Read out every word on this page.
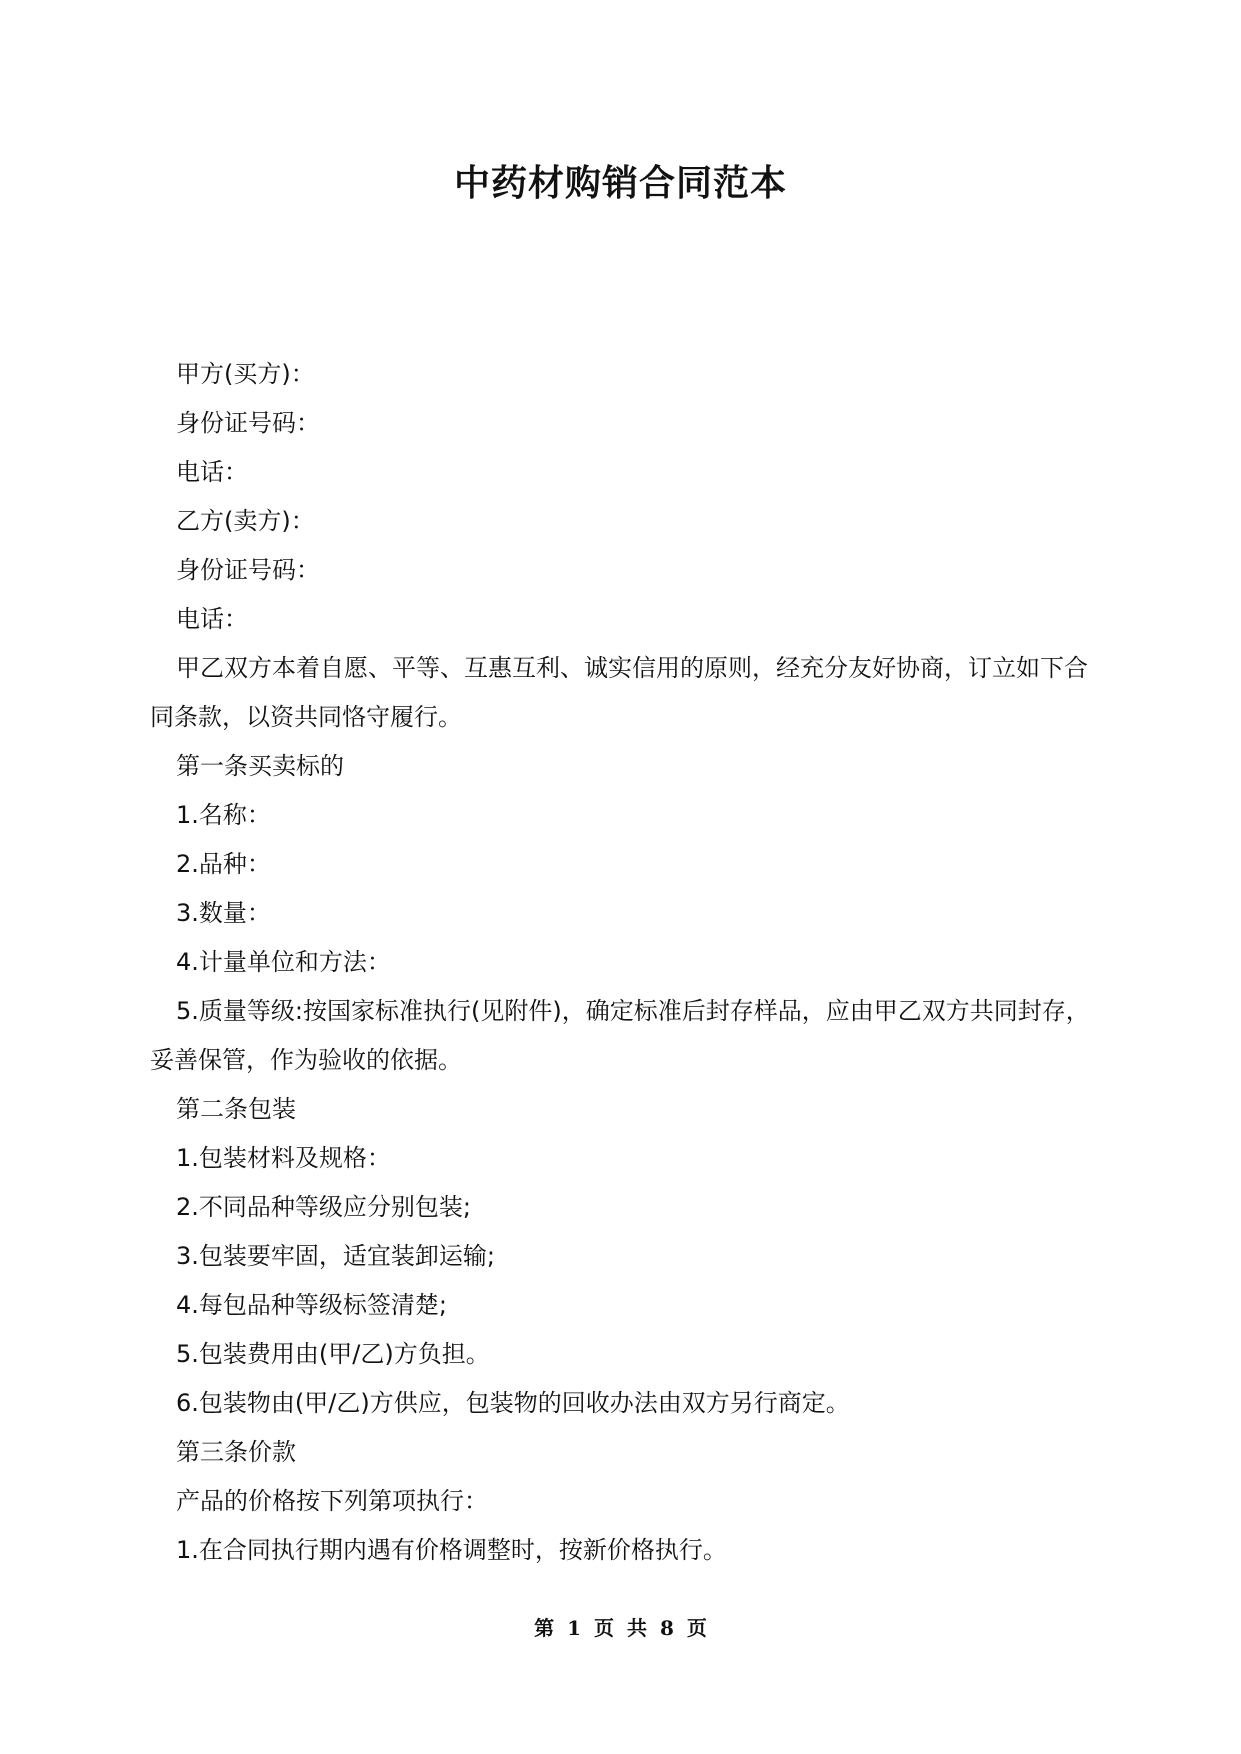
中药材购销合同范本

甲方(买方)：

身份证号码：

电话：

乙方(卖方)：

身份证号码：

电话：

甲乙双方本着自愿、平等、互惠互利、诚实信用的原则，经充分友好协商，订立如下合同条款，以资共同恪守履行。

第一条买卖标的

1.名称：

2.品种：

3.数量：

4.计量单位和方法：

5.质量等级:按国家标准执行(见附件)，确定标准后封存样品，应由甲乙双方共同封存，妥善保管，作为验收的依据。

第二条包装

1.包装材料及规格：

2.不同品种等级应分别包装;

3.包装要牢固，适宜装卸运输;

4.每包品种等级标签清楚;

5.包装费用由(甲/乙)方负担。

6.包装物由(甲/乙)方供应，包装物的回收办法由双方另行商定。

第三条价款

产品的价格按下列第项执行：

1.在合同执行期内遇有价格调整时，按新价格执行。

第 1 页 共 8 页
